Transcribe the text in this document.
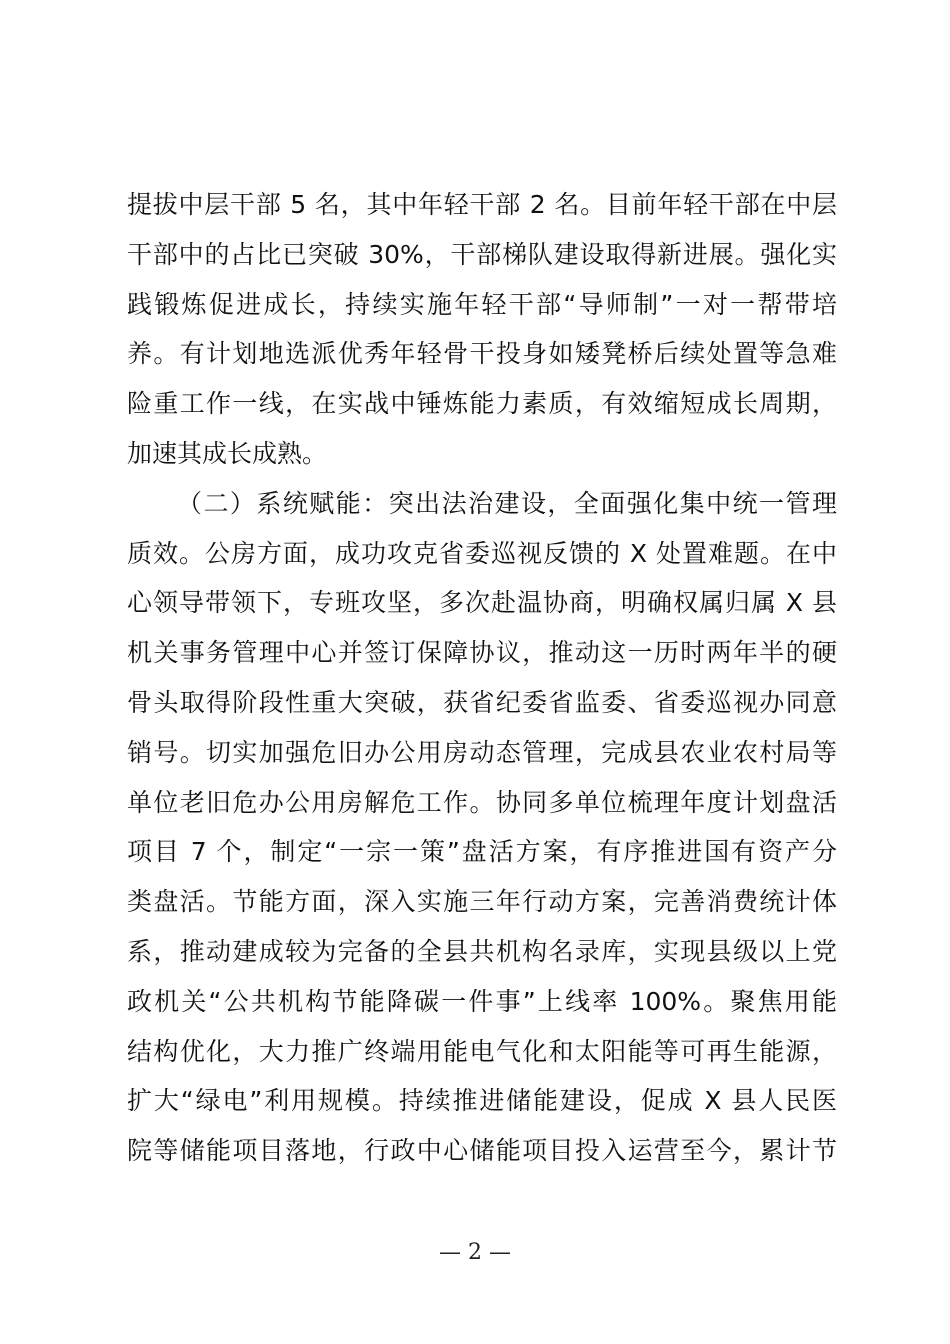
提拔中层干部 5 名，其中年轻干部 2 名。目前年轻干部在中层
干部中的占比已突破 30%，干部梯队建设取得新进展。强化实
践锻炼促进成长，持续实施年轻干部“导师制”一对一帮带培
养。有计划地选派优秀年轻骨干投身如矮凳桥后续处置等急难
险重工作一线，在实战中锤炼能力素质，有效缩短成长周期，
加速其成长成熟。
（二）系统赋能：突出法治建设，全面强化集中统一管理
质效。公房方面，成功攻克省委巡视反馈的 X 处置难题。在中
心领导带领下，专班攻坚，多次赴温协商，明确权属归属 X 县
机关事务管理中心并签订保障协议，推动这一历时两年半的硬
骨头取得阶段性重大突破，获省纪委省监委、省委巡视办同意
销号。切实加强危旧办公用房动态管理，完成县农业农村局等
单位老旧危办公用房解危工作。协同多单位梳理年度计划盘活
项目 7 个，制定“一宗一策”盘活方案，有序推进国有资产分
类盘活。节能方面，深入实施三年行动方案，完善消费统计体
系，推动建成较为完备的全县共机构名录库，实现县级以上党
政机关“公共机构节能降碳一件事”上线率 100%。聚焦用能
结构优化，大力推广终端用能电气化和太阳能等可再生能源，
扩大“绿电”利用规模。持续推进储能建设，促成 X 县人民医
院等储能项目落地，行政中心储能项目投入运营至今，累计节
— 2 —
